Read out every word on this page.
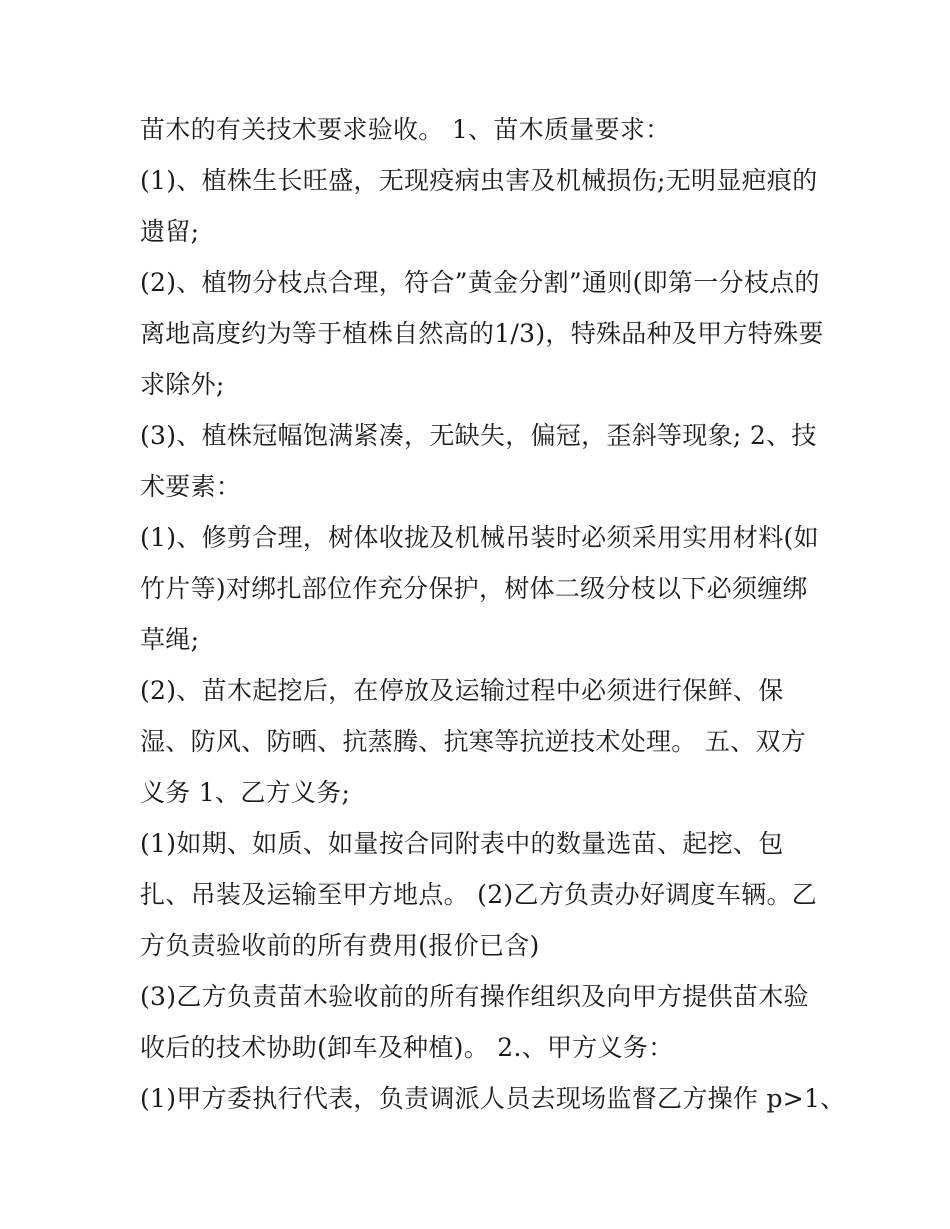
苗木的有关技术要求验收。 1、苗木质量要求：
(1)、植株生长旺盛，无现疫病虫害及机械损伤;无明显疤痕的
遗留;
(2)、植物分枝点合理，符合”黄金分割”通则(即第一分枝点的
离地高度约为等于植株自然高的1/3)，特殊品种及甲方特殊要
求除外;
(3)、植株冠幅饱满紧凑，无缺失，偏冠，歪斜等现象; 2、技
术要素：
(1)、修剪合理，树体收拢及机械吊装时必须采用实用材料(如
竹片等)对绑扎部位作充分保护，树体二级分枝以下必须缠绑
草绳;
(2)、苗木起挖后，在停放及运输过程中必须进行保鲜、保
湿、防风、防晒、抗蒸腾、抗寒等抗逆技术处理。 五、双方
义务 1、乙方义务;
(1)如期、如质、如量按合同附表中的数量选苗、起挖、包
扎、吊装及运输至甲方地点。 (2)乙方负责办好调度车辆。乙
方负责验收前的所有费用(报价已含)
(3)乙方负责苗木验收前的所有操作组织及向甲方提供苗木验
收后的技术协助(卸车及种植)。 2.、甲方义务：
(1)甲方委执行代表，负责调派人员去现场监督乙方操作 p>1、
